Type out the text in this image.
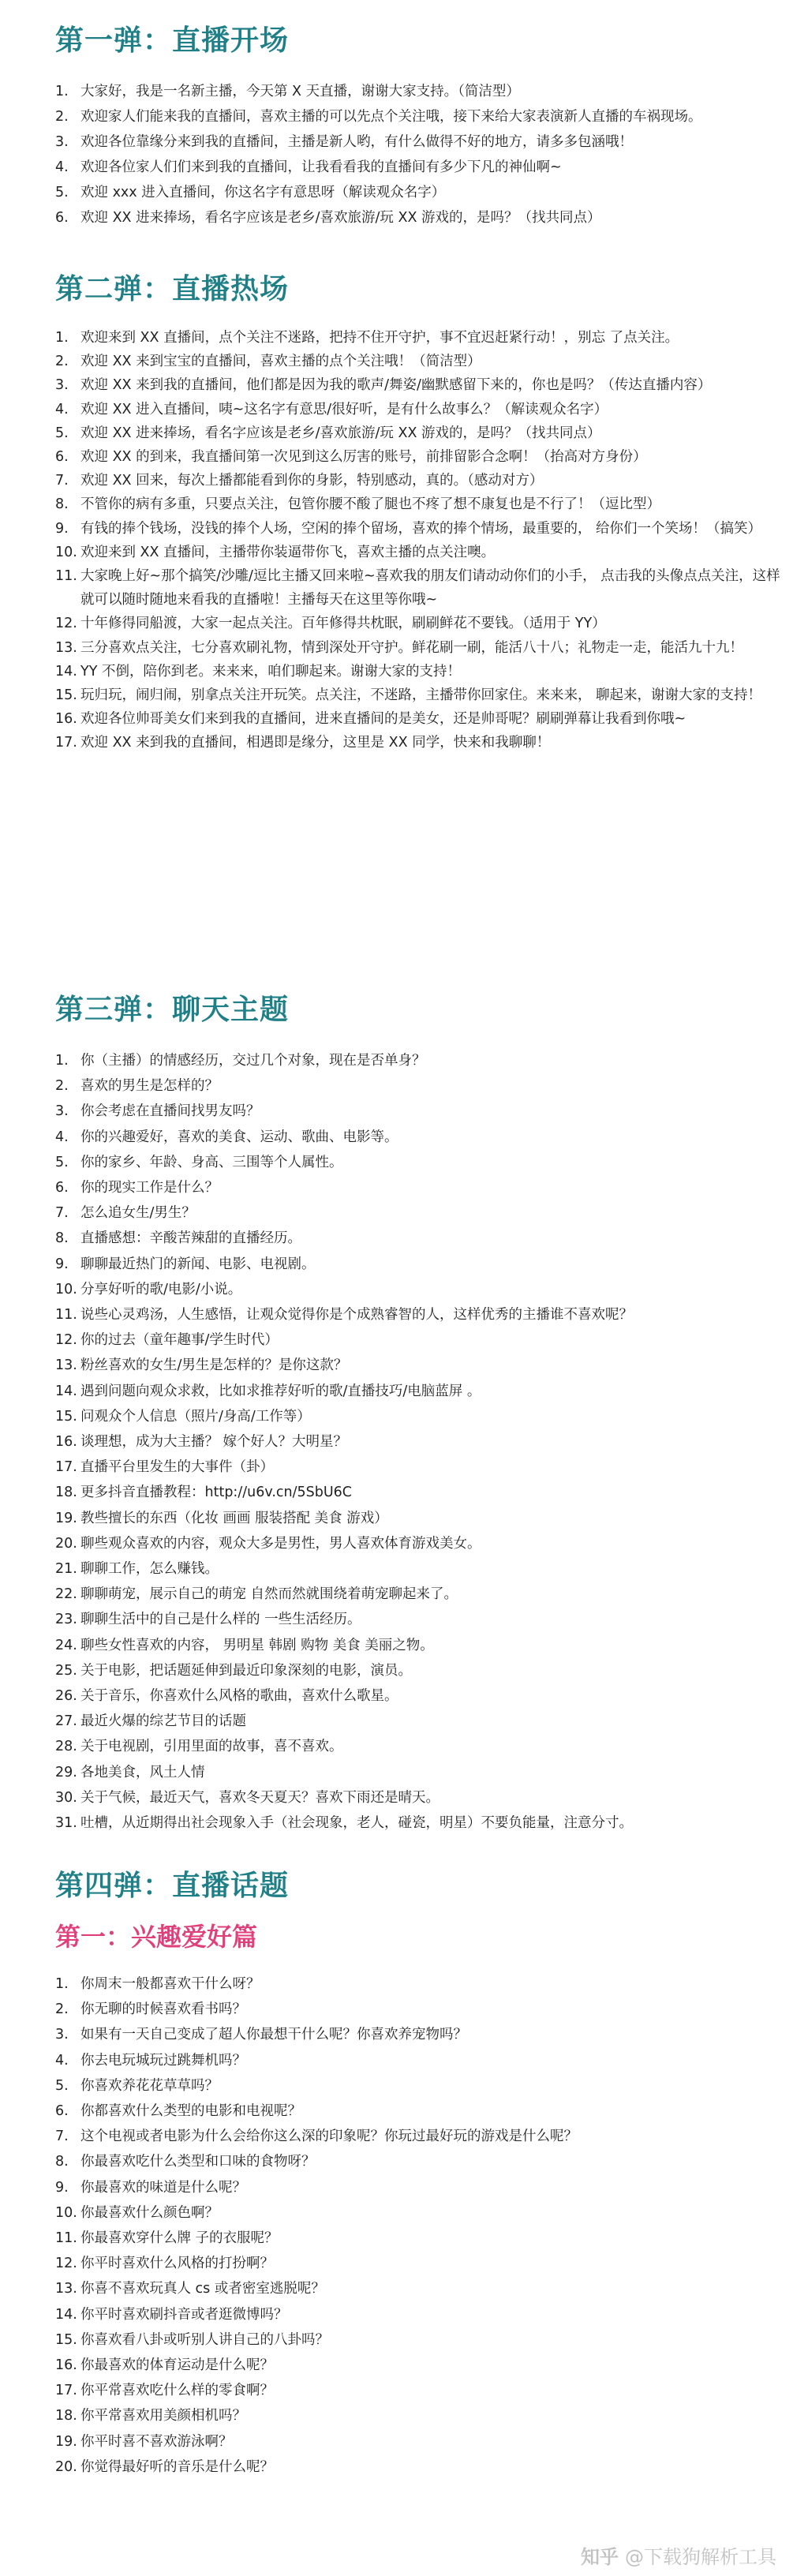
第一弹：直播开场
1. 大家好，我是一名新主播，今天第 X 天直播，谢谢大家支持。（简洁型）
2. 欢迎家人们能来我的直播间，喜欢主播的可以先点个关注哦，接下来给大家表演新人直播的车祸现场。
3. 欢迎各位靠缘分来到我的直播间，主播是新人哟，有什么做得不好的地方，请多多包涵哦！
4. 欢迎各位家人们们来到我的直播间，让我看看我的直播间有多少下凡的神仙啊~
5. 欢迎 xxx 进入直播间，你这名字有意思呀（解读观众名字）
6. 欢迎 XX 进来捧场，看名字应该是老乡/喜欢旅游/玩 XX 游戏的，是吗？（找共同点）
第二弹：直播热场
1. 欢迎来到 XX 直播间，点个关注不迷路，把持不住开守护，事不宜迟赶紧行动！，别忘 了点关注。
2. 欢迎 XX 来到宝宝的直播间，喜欢主播的点个关注哦！（简洁型）
3. 欢迎 XX 来到我的直播间，他们都是因为我的歌声/舞姿/幽默感留下来的，你也是吗？（传达直播内容）
4. 欢迎 XX 进入直播间，咦~这名字有意思/很好听，是有什么故事么？（解读观众名字）
5. 欢迎 XX 进来捧场，看名字应该是老乡/喜欢旅游/玩 XX 游戏的，是吗？（找共同点）
6. 欢迎 XX 的到来，我直播间第一次见到这么厉害的账号，前排留影合念啊！（抬高对方身份）
7. 欢迎 XX 回来，每次上播都能看到你的身影，特别感动，真的。（感动对方）
8. 不管你的病有多重，只要点关注，包管你腰不酸了腿也不疼了想不康复也是不行了！（逗比型）
9. 有钱的捧个钱场，没钱的捧个人场，空闲的捧个留场，喜欢的捧个情场，最重要的， 给你们一个笑场！（搞笑）
10. 欢迎来到 XX 直播间，主播带你装逼带你飞，喜欢主播的点关注噢。
11. 大家晚上好~那个搞笑/沙雕/逗比主播又回来啦~喜欢我的朋友们请动动你们的小手， 点击我的头像点点关注，这样就可以随时随地来看我的直播啦！主播每天在这里等你哦~
12. 十年修得同船渡，大家一起点关注。百年修得共枕眠，刷刷鲜花不要钱。（适用于 YY）
13. 三分喜欢点关注，七分喜欢刷礼物，情到深处开守护。鲜花刷一刷，能活八十八；礼物走一走，能活九十九！
14. YY 不倒，陪你到老。来来来，咱们聊起来。谢谢大家的支持！
15. 玩归玩，闹归闹，别拿点关注开玩笑。点关注，不迷路，主播带你回家住。来来来， 聊起来，谢谢大家的支持！
16. 欢迎各位帅哥美女们来到我的直播间，进来直播间的是美女，还是帅哥呢？刷刷弹幕让我看到你哦~
17. 欢迎 XX 来到我的直播间，相遇即是缘分，这里是 XX 同学，快来和我聊聊！
第三弹：聊天主题
1. 你（主播）的情感经历，交过几个对象，现在是否单身？
2. 喜欢的男生是怎样的？
3. 你会考虑在直播间找男友吗？
4. 你的兴趣爱好，喜欢的美食、运动、歌曲、电影等。
5. 你的家乡、年龄、身高、三围等个人属性。
6. 你的现实工作是什么？
7. 怎么追女生/男生？
8. 直播感想：辛酸苦辣甜的直播经历。
9. 聊聊最近热门的新闻、电影、电视剧。
10. 分享好听的歌/电影/小说。
11. 说些心灵鸡汤，人生感悟，让观众觉得你是个成熟睿智的人，这样优秀的主播谁不喜欢呢？
12. 你的过去（童年趣事/学生时代）
13. 粉丝喜欢的女生/男生是怎样的？是你这款？
14. 遇到问题向观众求救，比如求推荐好听的歌/直播技巧/电脑蓝屏 。
15. 问观众个人信息（照片/身高/工作等）
16. 谈理想，成为大主播？ 嫁个好人？大明星？
17. 直播平台里发生的大事件（卦）
18. 更多抖音直播教程：http://u6v.cn/5SbU6C
19. 教些擅长的东西（化妆 画画 服装搭配 美食 游戏）
20. 聊些观众喜欢的内容，观众大多是男性，男人喜欢体育游戏美女。
21. 聊聊工作，怎么赚钱。
22. 聊聊萌宠，展示自己的萌宠 自然而然就围绕着萌宠聊起来了。
23. 聊聊生活中的自己是什么样的 一些生活经历。
24. 聊些女性喜欢的内容， 男明星 韩剧 购物 美食 美丽之物。
25. 关于电影，把话题延伸到最近印象深刻的电影，演员。
26. 关于音乐，你喜欢什么风格的歌曲，喜欢什么歌星。
27. 最近火爆的综艺节目的话题
28. 关于电视剧，引用里面的故事，喜不喜欢。
29. 各地美食，风土人情
30. 关于气候，最近天气，喜欢冬天夏天？喜欢下雨还是晴天。
31. 吐槽，从近期得出社会现象入手（社会现象，老人，碰瓷，明星）不要负能量，注意分寸。
第四弹：直播话题
第一：兴趣爱好篇
1. 你周末一般都喜欢干什么呀？
2. 你无聊的时候喜欢看书吗？
3. 如果有一天自己变成了超人你最想干什么呢？你喜欢养宠物吗？
4. 你去电玩城玩过跳舞机吗？
5. 你喜欢养花花草草吗？
6. 你都喜欢什么类型的电影和电视呢？
7. 这个电视或者电影为什么会给你这么深的印象呢？你玩过最好玩的游戏是什么呢？
8. 你最喜欢吃什么类型和口味的食物呀？
9. 你最喜欢的味道是什么呢？
10. 你最喜欢什么颜色啊？
11. 你最喜欢穿什么牌 子的衣服呢？
12. 你平时喜欢什么风格的打扮啊？
13. 你喜不喜欢玩真人 cs 或者密室逃脱呢？
14. 你平时喜欢刷抖音或者逛微博吗？
15. 你喜欢看八卦或听别人讲自己的八卦吗？
16. 你最喜欢的体育运动是什么呢？
17. 你平常喜欢吃什么样的零食啊？
18. 你平常喜欢用美颜相机吗？
19. 你平时喜不喜欢游泳啊？
20. 你觉得最好听的音乐是什么呢？
知乎 @下载狗解析工具
